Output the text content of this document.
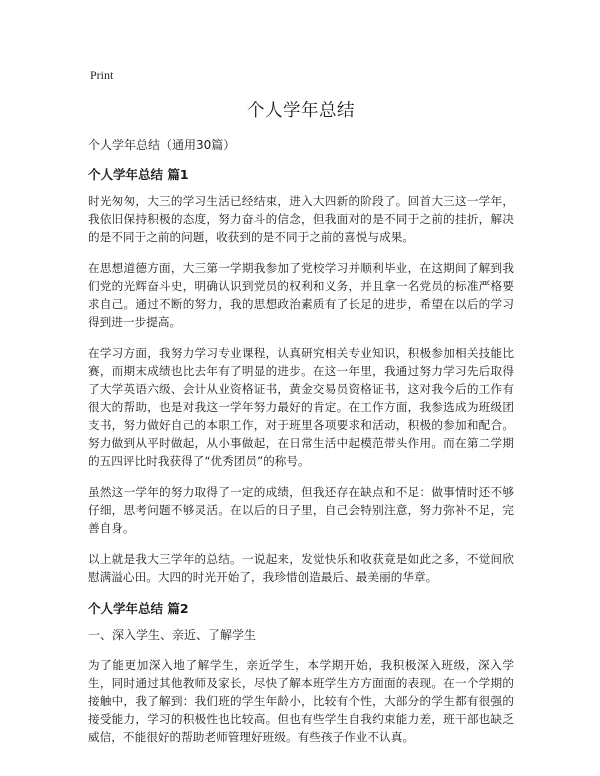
Print
个人学年总结
个人学年总结（通用30篇）
个人学年总结 篇1

时光匆匆，大三的学习生活已经结束，进入大四新的阶段了。回首大三这一学年，我依旧保持积极的态度，努力奋斗的信念，但我面对的是不同于之前的挂折，解决的是不同于之前的问题，收获到的是不同于之前的喜悦与成果。

在思想道德方面，大三第一学期我参加了党校学习并顺利毕业，在这期间了解到我们党的光辉奋斗史，明确认识到党员的权利和义务，并且拿一名党员的标准严格要求自己。通过不断的努力，我的思想政治素质有了长足的进步，希望在以后的学习得到进一步提高。

在学习方面，我努力学习专业课程，认真研究相关专业知识，积极参加相关技能比赛，而期末成绩也比去年有了明显的进步。在这一年里，我通过努力学习先后取得了大学英语六级、会计从业资格证书，黄金交易员资格证书，这对我今后的工作有很大的帮助，也是对我这一学年努力最好的肯定。在工作方面，我参选成为班级团支书，努力做好自己的本职工作，对于班里各项要求和活动，积极的参加和配合。努力做到从平时做起，从小事做起，在日常生活中起模范带头作用。而在第二学期的五四评比时我获得了“优秀团员”的称号。

虽然这一学年的努力取得了一定的成绩，但我还存在缺点和不足：做事情时还不够仔细，思考问题不够灵活。在以后的日子里，自己会特别注意，努力弥补不足，完善自身。

以上就是我大三学年的总结。一说起来，发觉快乐和收获竟是如此之多，不觉间欣慰满溢心田。大四的时光开始了，我珍惜创造最后、最美丽的华章。

个人学年总结 篇2
一、深入学生、亲近、了解学生

为了能更加深入地了解学生，亲近学生，本学期开始，我积极深入班级，深入学生，同时通过其他教师及家长，尽快了解本班学生方方面面的表现。在一个学期的接触中，我了解到：我们班的学生年龄小，比较有个性，大部分的学生都有很强的接受能力，学习的积极性也比较高。但也有些学生自我约束能力差，班干部也缺乏威信，不能很好的帮助老师管理好班级。有些孩子作业不认真。
